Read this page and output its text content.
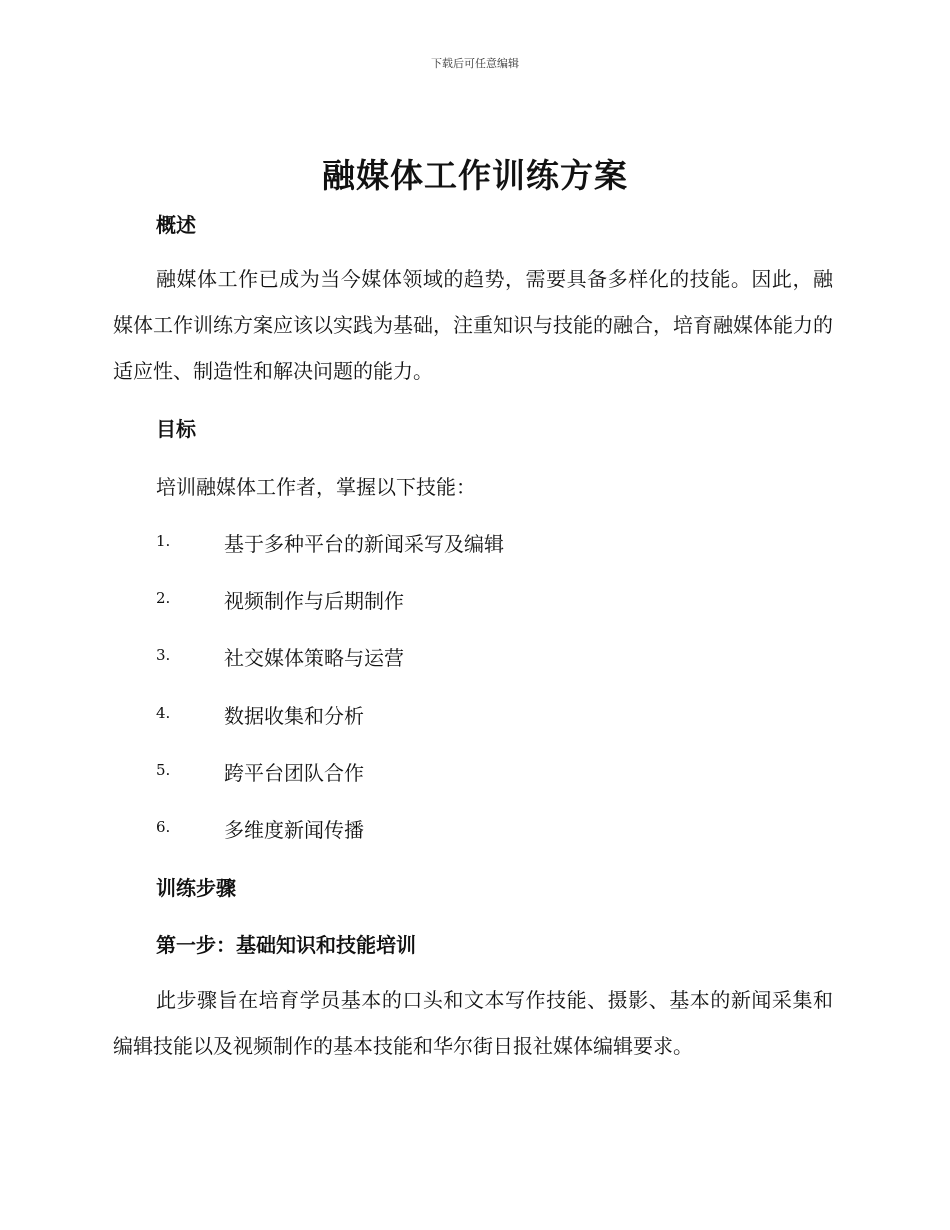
下载后可任意编辑
融媒体工作训练方案
概述
融媒体工作已成为当今媒体领域的趋势，需要具备多样化的技能。因此，融媒体工作训练方案应该以实践为基础，注重知识与技能的融合，培育融媒体能力的适应性、制造性和解决问题的能力。
目标
培训融媒体工作者，掌握以下技能：
1.	基于多种平台的新闻采写及编辑
2.	视频制作与后期制作
3.	社交媒体策略与运营
4.	数据收集和分析
5.	跨平台团队合作
6.	多维度新闻传播
训练步骤
第一步：基础知识和技能培训
此步骤旨在培育学员基本的口头和文本写作技能、摄影、基本的新闻采集和编辑技能以及视频制作的基本技能和华尔街日报社媒体编辑要求。
